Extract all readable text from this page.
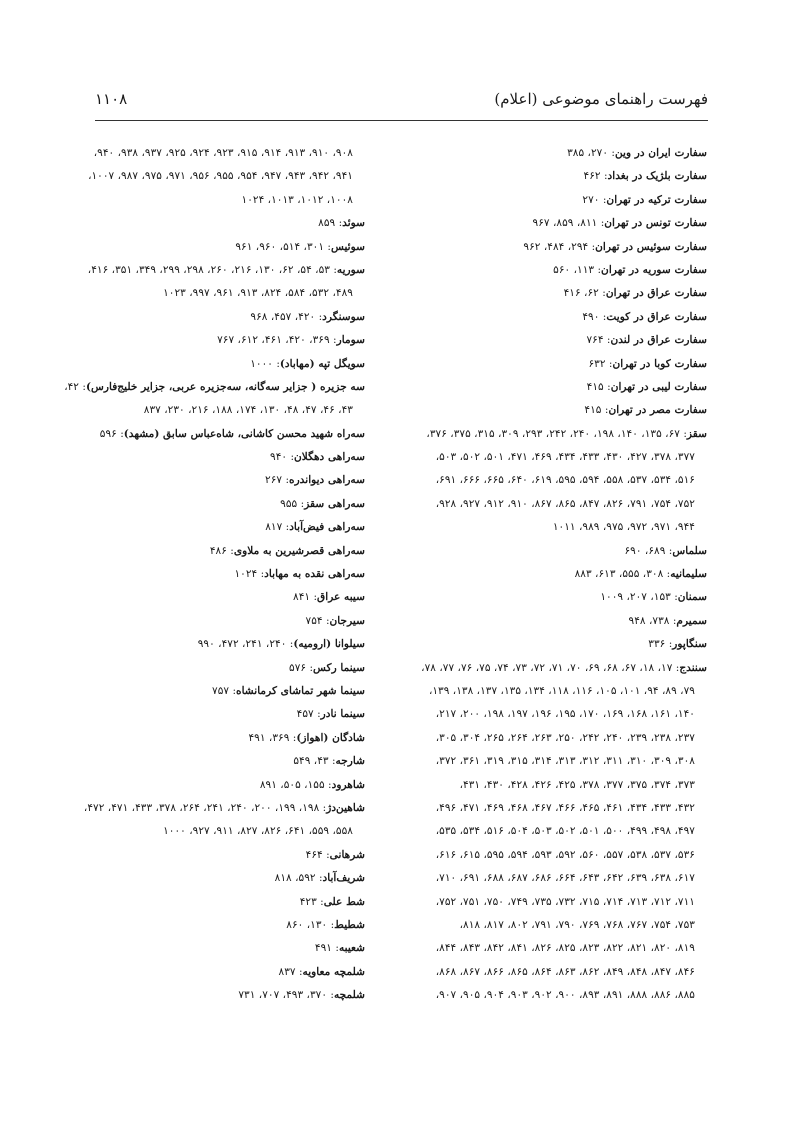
فهرست راهنمای موضوعی (اعلام)
۱۱۰۸
سفارت ایران در وین : ۲۷۰، ۳۸۵
سفارت بلژیک در بغداد : ۴۶۲
سفارت ترکیه در تهران : ۲۷۰
سفارت تونس در تهران : ۸۱۱، ۸۵۹، ۹۶۷
سفارت سوئیس در تهران : ۲۹۴، ۴۸۴، ۹۶۲
سفارت سوریه در تهران : ۱۱۳، ۵۶۰
سفارت عراق در تهران : ۶۲، ۴۱۶
سفارت عراق در کویت : ۴۹۰
سفارت عراق در لندن : ۷۶۴
سفارت کوبا در تهران : ۶۳۲
سفارت لیبی در تهران : ۴۱۵
سفارت مصر در تهران : ۴۱۵
سقز : ۶۷، ۱۳۵، ۱۴۰، ۱۹۸، ۲۴۰، ۲۴۲، ۲۹۳، ۳۰۹، ۳۱۵، ۳۷۵، ۳۷۶،
۳۷۷، ۳۷۸، ۴۲۷، ۴۳۰، ۴۳۳، ۴۳۴، ۴۶۹، ۴۷۱، ۵۰۱، ۵۰۲، ۵۰۳،
۵۱۶، ۵۳۴، ۵۳۷، ۵۵۸، ۵۹۴، ۵۹۵، ۶۱۹، ۶۴۰، ۶۶۵، ۶۶۶، ۶۹۱،
۷۵۲، ۷۵۴، ۷۹۱، ۸۲۶، ۸۴۷، ۸۶۵، ۸۶۷، ۹۱۰، ۹۱۲، ۹۲۷، ۹۲۸،
۹۴۴، ۹۷۱، ۹۷۲، ۹۷۵، ۹۸۹، ۱۰۱۱
سلماس : ۶۸۹، ۶۹۰
سلیمانیه : ۳۰۸، ۵۵۵، ۶۱۳، ۸۸۳
سمنان : ۱۵۳، ۲۰۷، ۱۰۰۹
سمیرم : ۷۳۸، ۹۴۸
سنگاپور : ۳۳۶
سنندج : ۱۷، ۱۸، ۶۷، ۶۸، ۶۹، ۷۰، ۷۱، ۷۲، ۷۳، ۷۴، ۷۵، ۷۶، ۷۷، ۷۸،
۷۹، ۸۹، ۹۴، ۱۰۱، ۱۰۵، ۱۱۶، ۱۱۸، ۱۳۴، ۱۳۵، ۱۳۷، ۱۳۸، ۱۳۹،
۱۴۰، ۱۶۱، ۱۶۸، ۱۶۹، ۱۷۰، ۱۹۵، ۱۹۶، ۱۹۷، ۱۹۸، ۲۰۰، ۲۱۷،
۲۳۷، ۲۳۸، ۲۳۹، ۲۴۰، ۲۴۲، ۲۵۰، ۲۶۳، ۲۶۴، ۲۶۵، ۳۰۴، ۳۰۵،
۳۰۸، ۳۰۹، ۳۱۰، ۳۱۱، ۳۱۲، ۳۱۳، ۳۱۴، ۳۱۵، ۳۱۹، ۳۶۱، ۳۷۲،
۳۷۳، ۳۷۴، ۳۷۵، ۳۷۷، ۳۷۸، ۴۲۵، ۴۲۶، ۴۲۸، ۴۳۰، ۴۳۱،
۴۳۲، ۴۳۳، ۴۳۴، ۴۶۱، ۴۶۵، ۴۶۶، ۴۶۷، ۴۶۸، ۴۶۹، ۴۷۱، ۴۹۶،
۴۹۷، ۴۹۸، ۴۹۹، ۵۰۰، ۵۰۱، ۵۰۲، ۵۰۳، ۵۰۴، ۵۱۶، ۵۳۴، ۵۳۵،
۵۳۶، ۵۳۷، ۵۳۸، ۵۵۷، ۵۶۰، ۵۹۲، ۵۹۳، ۵۹۴، ۵۹۵، ۶۱۵، ۶۱۶،
۶۱۷، ۶۳۸، ۶۳۹، ۶۴۲، ۶۴۳، ۶۶۴، ۶۸۶، ۶۸۷، ۶۸۸، ۶۹۱، ۷۱۰،
۷۱۱، ۷۱۲، ۷۱۳، ۷۱۴، ۷۱۵، ۷۳۲، ۷۳۵، ۷۴۹، ۷۵۰، ۷۵۱، ۷۵۲،
۷۵۳، ۷۵۴، ۷۶۷، ۷۶۸، ۷۶۹، ۷۹۰، ۷۹۱، ۸۰۲، ۸۱۷، ۸۱۸،
۸۱۹، ۸۲۰، ۸۲۱، ۸۲۲، ۸۲۳، ۸۲۵، ۸۲۶، ۸۴۱، ۸۴۲، ۸۴۳، ۸۴۴،
۸۴۶، ۸۴۷، ۸۴۸، ۸۴۹، ۸۶۲، ۸۶۳، ۸۶۴، ۸۶۵، ۸۶۶، ۸۶۷، ۸۶۸،
۸۸۵، ۸۸۶، ۸۸۸، ۸۹۱، ۸۹۳، ۹۰۰، ۹۰۲، ۹۰۳، ۹۰۴، ۹۰۵، ۹۰۷،
۹۰۸، ۹۱۰، ۹۱۳، ۹۱۴، ۹۱۵، ۹۲۳، ۹۲۴، ۹۲۵، ۹۳۷، ۹۳۸، ۹۴۰،
۹۴۱، ۹۴۲، ۹۴۳، ۹۴۷، ۹۵۴، ۹۵۵، ۹۵۶، ۹۷۱، ۹۷۵، ۹۸۷، ۱۰۰۷،
۱۰۰۸، ۱۰۱۲، ۱۰۱۳، ۱۰۲۴
سوئد : ۸۵۹
سوئیس : ۳۰۱، ۵۱۴، ۹۶۰، ۹۶۱
سوریه : ۵۳، ۵۴، ۶۲، ۱۳۰، ۲۱۶، ۲۶۰، ۲۹۸، ۲۹۹، ۳۴۹، ۳۵۱، ۴۱۶،
۴۸۹، ۵۳۲، ۵۸۴، ۸۲۴، ۹۱۳، ۹۶۱، ۹۹۷، ۱۰۲۳
سوسنگرد : ۴۲۰، ۴۵۷، ۹۶۸
سومار : ۳۶۹، ۴۲۰، ۴۶۱، ۶۱۲، ۷۶۷
سویگل تپه (مهاباد) : ۱۰۰۰
سه جزیره ( جزایر سه‌گانه، سه‌جزیره عربی، جزایر خلیج‌فارس) : ۴۲،
۴۳، ۴۶، ۴۷، ۴۸، ۱۳۰، ۱۷۴، ۱۸۸، ۲۱۶، ۲۳۰، ۸۳۷
سه‌راه شهید محسن کاشانی، شاه‌عباس سابق (مشهد) : ۵۹۶
سه‌راهی دهگلان : ۹۴۰
سه‌راهی دیواندره : ۲۶۷
سه‌راهی سقز : ۹۵۵
سه‌راهی فیض‌آباد : ۸۱۷
سه‌راهی قصرشیرین به ملاوی : ۴۸۶
سه‌راهی نقده به مهاباد : ۱۰۲۴
سیبه عراق : ۸۴۱
سیرجان : ۷۵۴
سیلوانا (ارومیه) : ۲۴۰، ۲۴۱، ۴۷۲، ۹۹۰
سینما رکس : ۵۷۶
سینما شهر تماشای کرمانشاه : ۷۵۷
سینما نادر : ۴۵۷
شادگان (اهواز) : ۳۶۹، ۴۹۱
شارجه : ۴۳، ۵۴۹
شاهرود : ۱۵۵، ۵۰۵، ۸۹۱
شاهین‌دژ : ۱۹۸، ۱۹۹، ۲۰۰، ۲۴۰، ۲۴۱، ۲۶۴، ۳۷۸، ۴۳۳، ۴۷۱، ۴۷۲،
۵۵۸، ۵۵۹، ۶۴۱، ۸۲۶، ۸۲۷، ۹۱۱، ۹۲۷، ۱۰۰۰
شرهانی : ۴۶۴
شریف‌آباد : ۵۹۲، ۸۱۸
شط علی : ۴۲۳
شطیط : ۱۳۰، ۸۶۰
شعیبه : ۴۹۱
شلمچه معاویه : ۸۳۷
شلمچه : ۳۷۰، ۴۹۳، ۷۰۷، ۷۳۱
